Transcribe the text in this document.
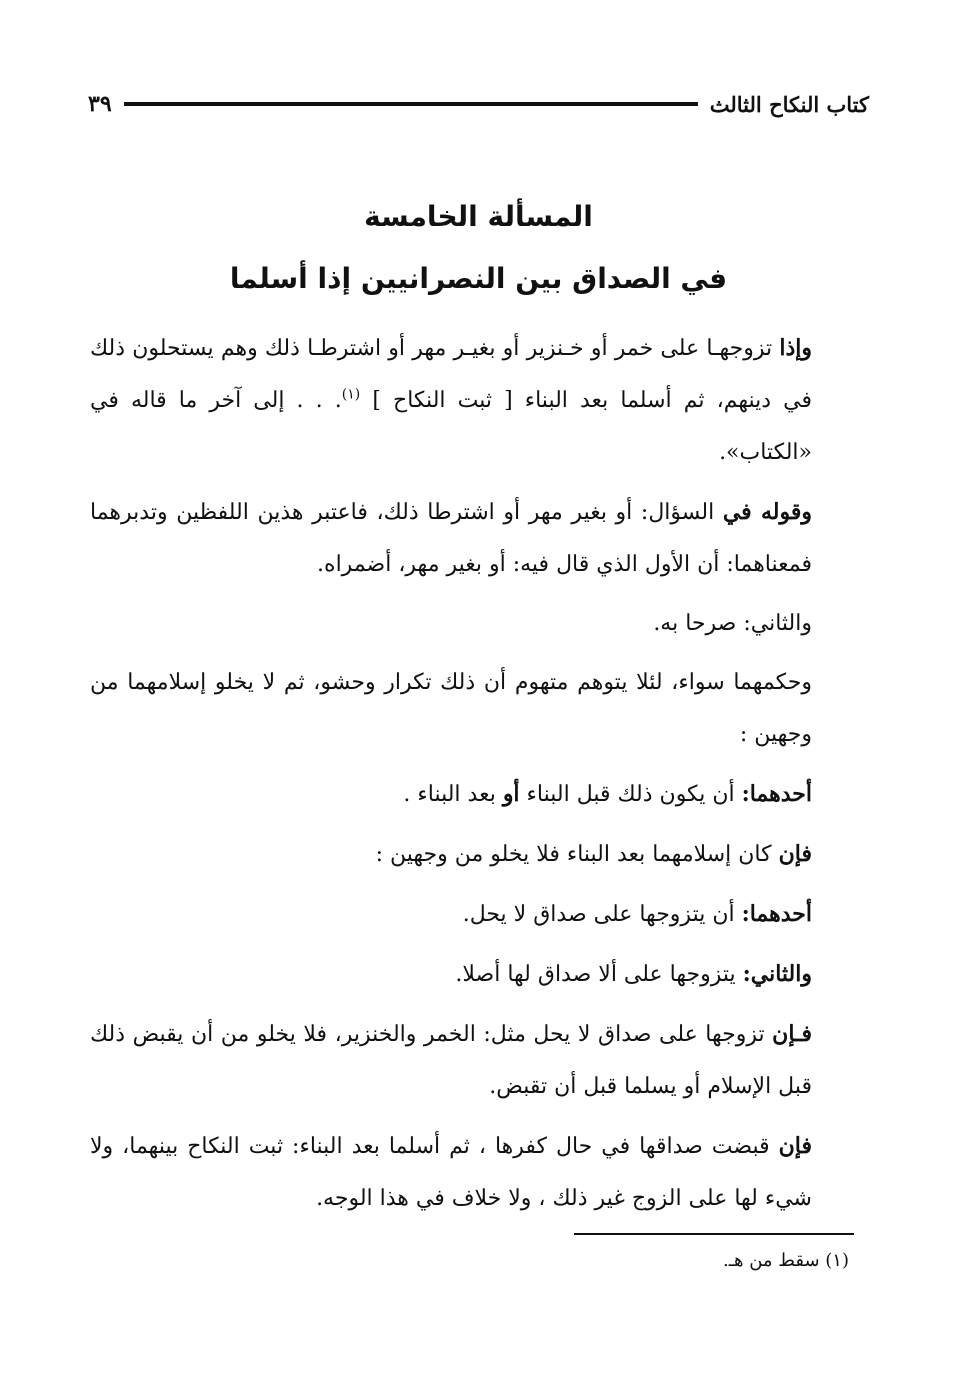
كتاب النكاح الثالث
٣٩
المسألة الخامسة
في الصداق بين النصرانيين إذا أسلما

وإذا تزوجهـا على خمر أو خـنزير أو بغيـر مهر أو اشترطـا ذلك وهم يستحلون ذلك في دينهم، ثم أسلما بعد البناء [ ثبت النكاح ] $^{(١)}$. . . إلى آخر ما قاله في «الكتاب».

وقوله في السؤال: أو بغير مهر أو اشترطا ذلك، فاعتبر هذين اللفظين وتدبرهما فمعناهما: أن الأول الذي قال فيه: أو بغير مهر، أضمراه.

والثاني: صرحا به.

وحكمهما سواء، لئلا يتوهم متهوم أن ذلك تكرار وحشو، ثم لا يخلو إسلامهما من وجهين :

أحدهما: أن يكون ذلك قبل البناء أو بعد البناء .

فإن كان إسلامهما بعد البناء فلا يخلو من وجهين :

أحدهما: أن يتزوجها على صداق لا يحل.

والثاني: يتزوجها على ألا صداق لها أصلا.

فـإن تزوجها على صداق لا يحل مثل: الخمر والخنزير، فلا يخلو من أن يقبض ذلك قبل الإسلام أو يسلما قبل أن تقبض.

فإن قبضت صداقها في حال كفرها ، ثم أسلما بعد البناء: ثبت النكاح بينهما، ولا شيء لها على الزوج غير ذلك ، ولا خلاف في هذا الوجه.

(١) سقط من هـ.
